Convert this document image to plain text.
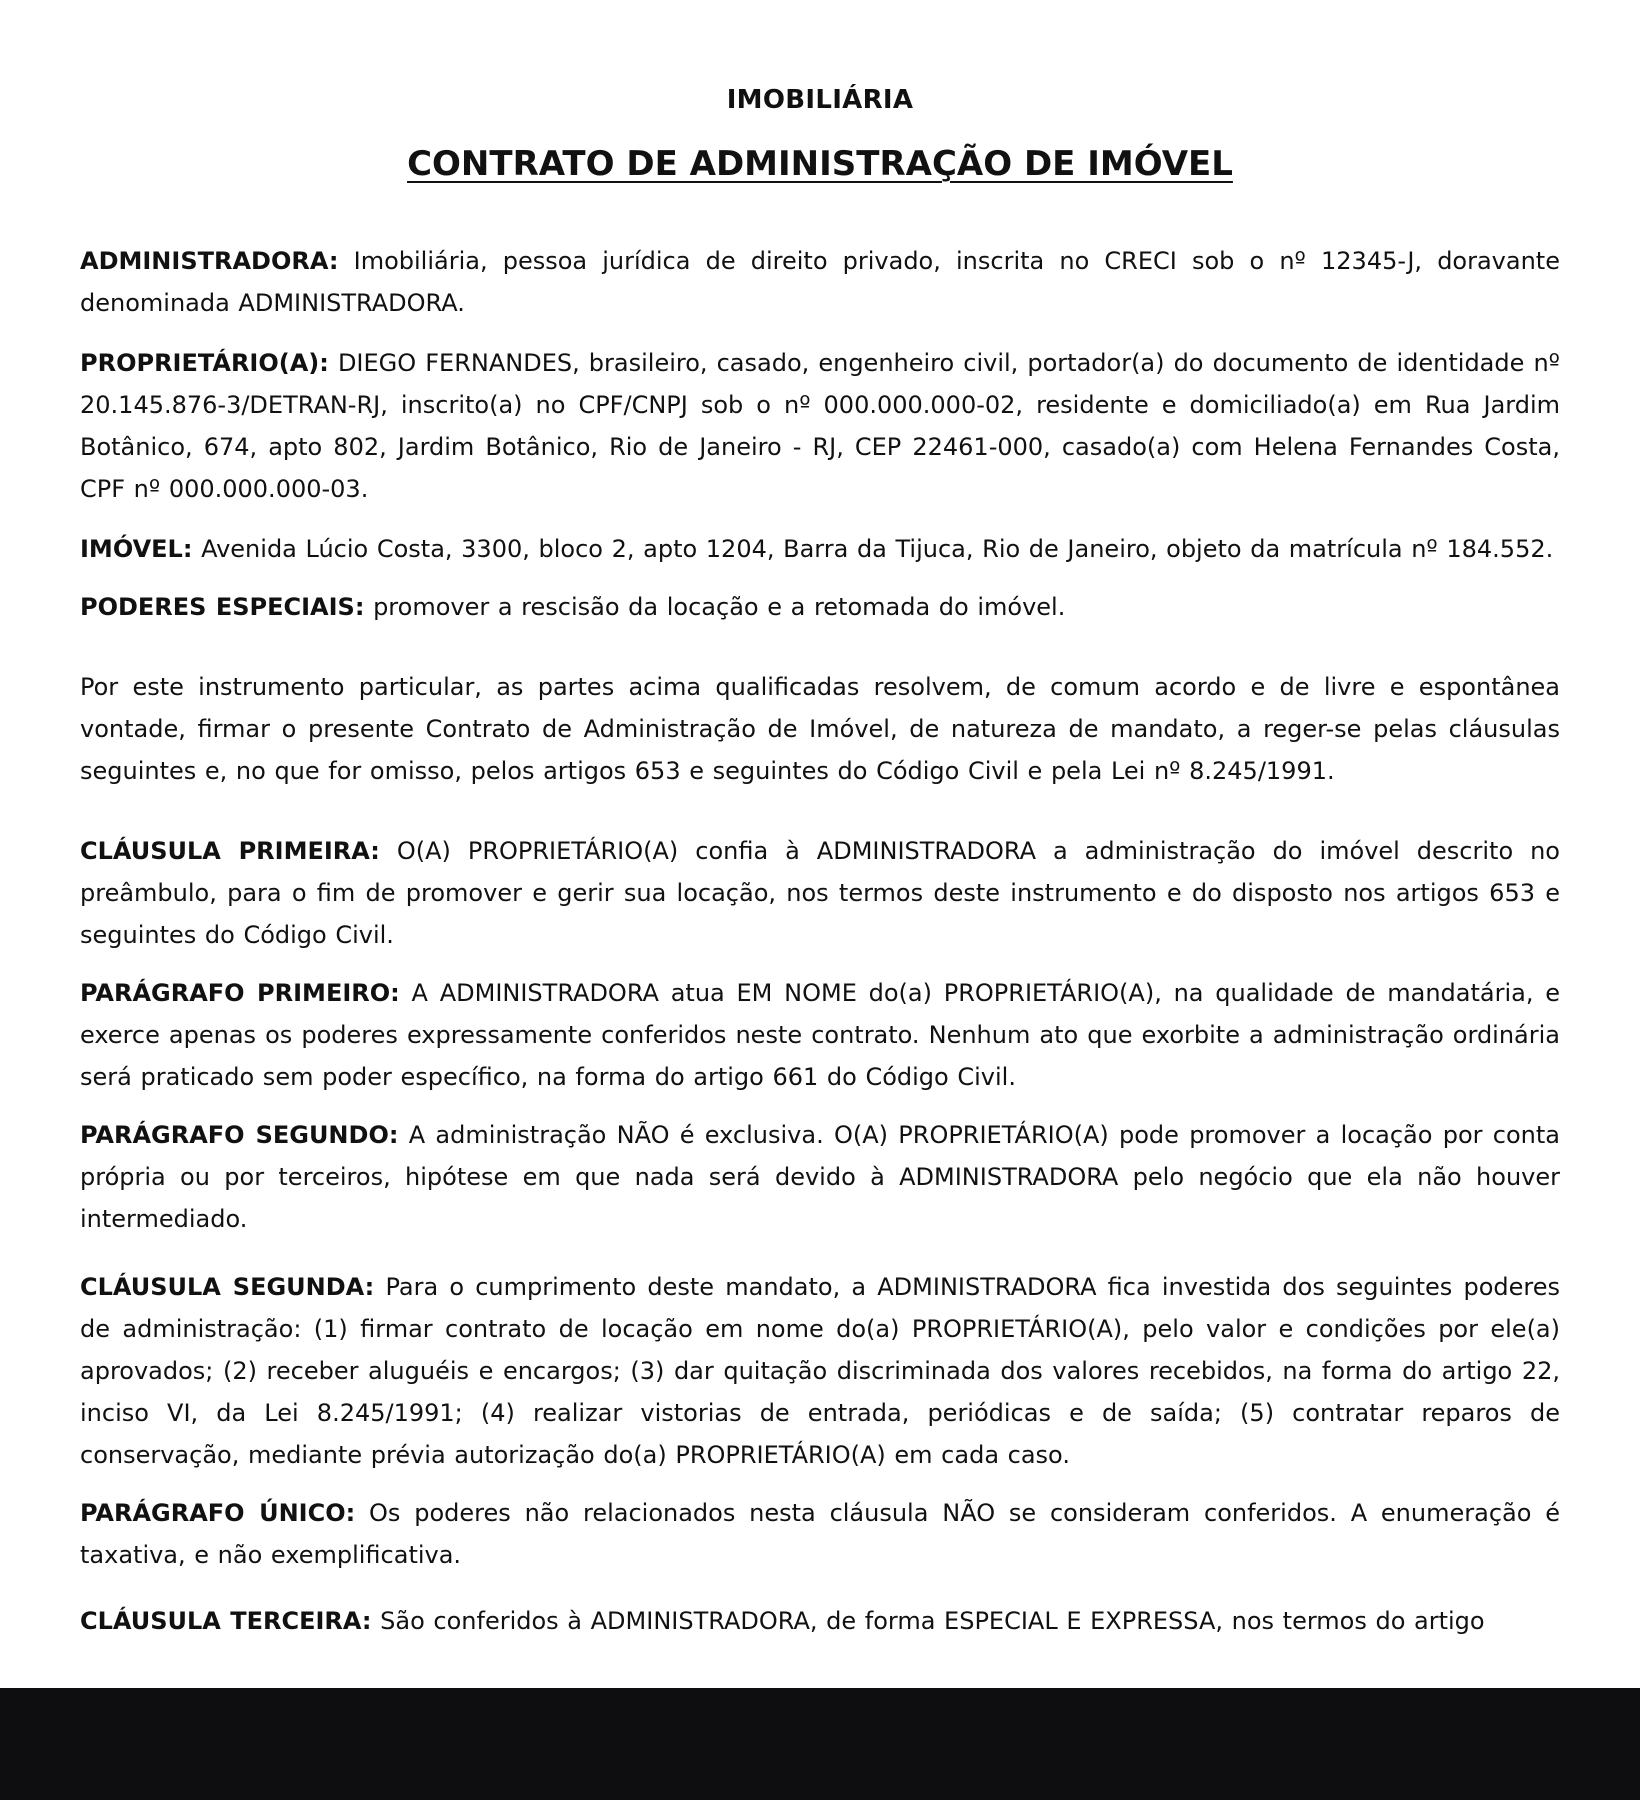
IMOBILIÁRIA
CONTRATO DE ADMINISTRAÇÃO DE IMÓVEL

ADMINISTRADORA: Imobiliária, pessoa jurídica de direito privado, inscrita no CRECI sob o nº 12345-J, doravante denominada ADMINISTRADORA.

PROPRIETÁRIO(A): DIEGO FERNANDES, brasileiro, casado, engenheiro civil, portador(a) do documento de identidade nº 20.145.876-3/DETRAN-RJ, inscrito(a) no CPF/CNPJ sob o nº 000.000.000-02, residente e domiciliado(a) em Rua Jardim Botânico, 674, apto 802, Jardim Botânico, Rio de Janeiro - RJ, CEP 22461-000, casado(a) com Helena Fernandes Costa, CPF nº 000.000.000-03.

IMÓVEL: Avenida Lúcio Costa, 3300, bloco 2, apto 1204, Barra da Tijuca, Rio de Janeiro, objeto da matrícula nº 184.552.

PODERES ESPECIAIS: promover a rescisão da locação e a retomada do imóvel.

Por este instrumento particular, as partes acima qualificadas resolvem, de comum acordo e de livre e espontânea vontade, firmar o presente Contrato de Administração de Imóvel, de natureza de mandato, a reger-se pelas cláusulas seguintes e, no que for omisso, pelos artigos 653 e seguintes do Código Civil e pela Lei nº 8.245/1991.

CLÁUSULA PRIMEIRA: O(A) PROPRIETÁRIO(A) confia à ADMINISTRADORA a administração do imóvel descrito no preâmbulo, para o fim de promover e gerir sua locação, nos termos deste instrumento e do disposto nos artigos 653 e seguintes do Código Civil.

PARÁGRAFO PRIMEIRO: A ADMINISTRADORA atua EM NOME do(a) PROPRIETÁRIO(A), na qualidade de mandatária, e exerce apenas os poderes expressamente conferidos neste contrato. Nenhum ato que exorbite a administração ordinária será praticado sem poder específico, na forma do artigo 661 do Código Civil.

PARÁGRAFO SEGUNDO: A administração NÃO é exclusiva. O(A) PROPRIETÁRIO(A) pode promover a locação por conta própria ou por terceiros, hipótese em que nada será devido à ADMINISTRADORA pelo negócio que ela não houver intermediado.

CLÁUSULA SEGUNDA: Para o cumprimento deste mandato, a ADMINISTRADORA fica investida dos seguintes poderes de administração: (1) firmar contrato de locação em nome do(a) PROPRIETÁRIO(A), pelo valor e condições por ele(a) aprovados; (2) receber aluguéis e encargos; (3) dar quitação discriminada dos valores recebidos, na forma do artigo 22, inciso VI, da Lei 8.245/1991; (4) realizar vistorias de entrada, periódicas e de saída; (5) contratar reparos de conservação, mediante prévia autorização do(a) PROPRIETÁRIO(A) em cada caso.

PARÁGRAFO ÚNICO: Os poderes não relacionados nesta cláusula NÃO se consideram conferidos. A enumeração é taxativa, e não exemplificativa.

CLÁUSULA TERCEIRA: São conferidos à ADMINISTRADORA, de forma ESPECIAL E EXPRESSA, nos termos do artigo
